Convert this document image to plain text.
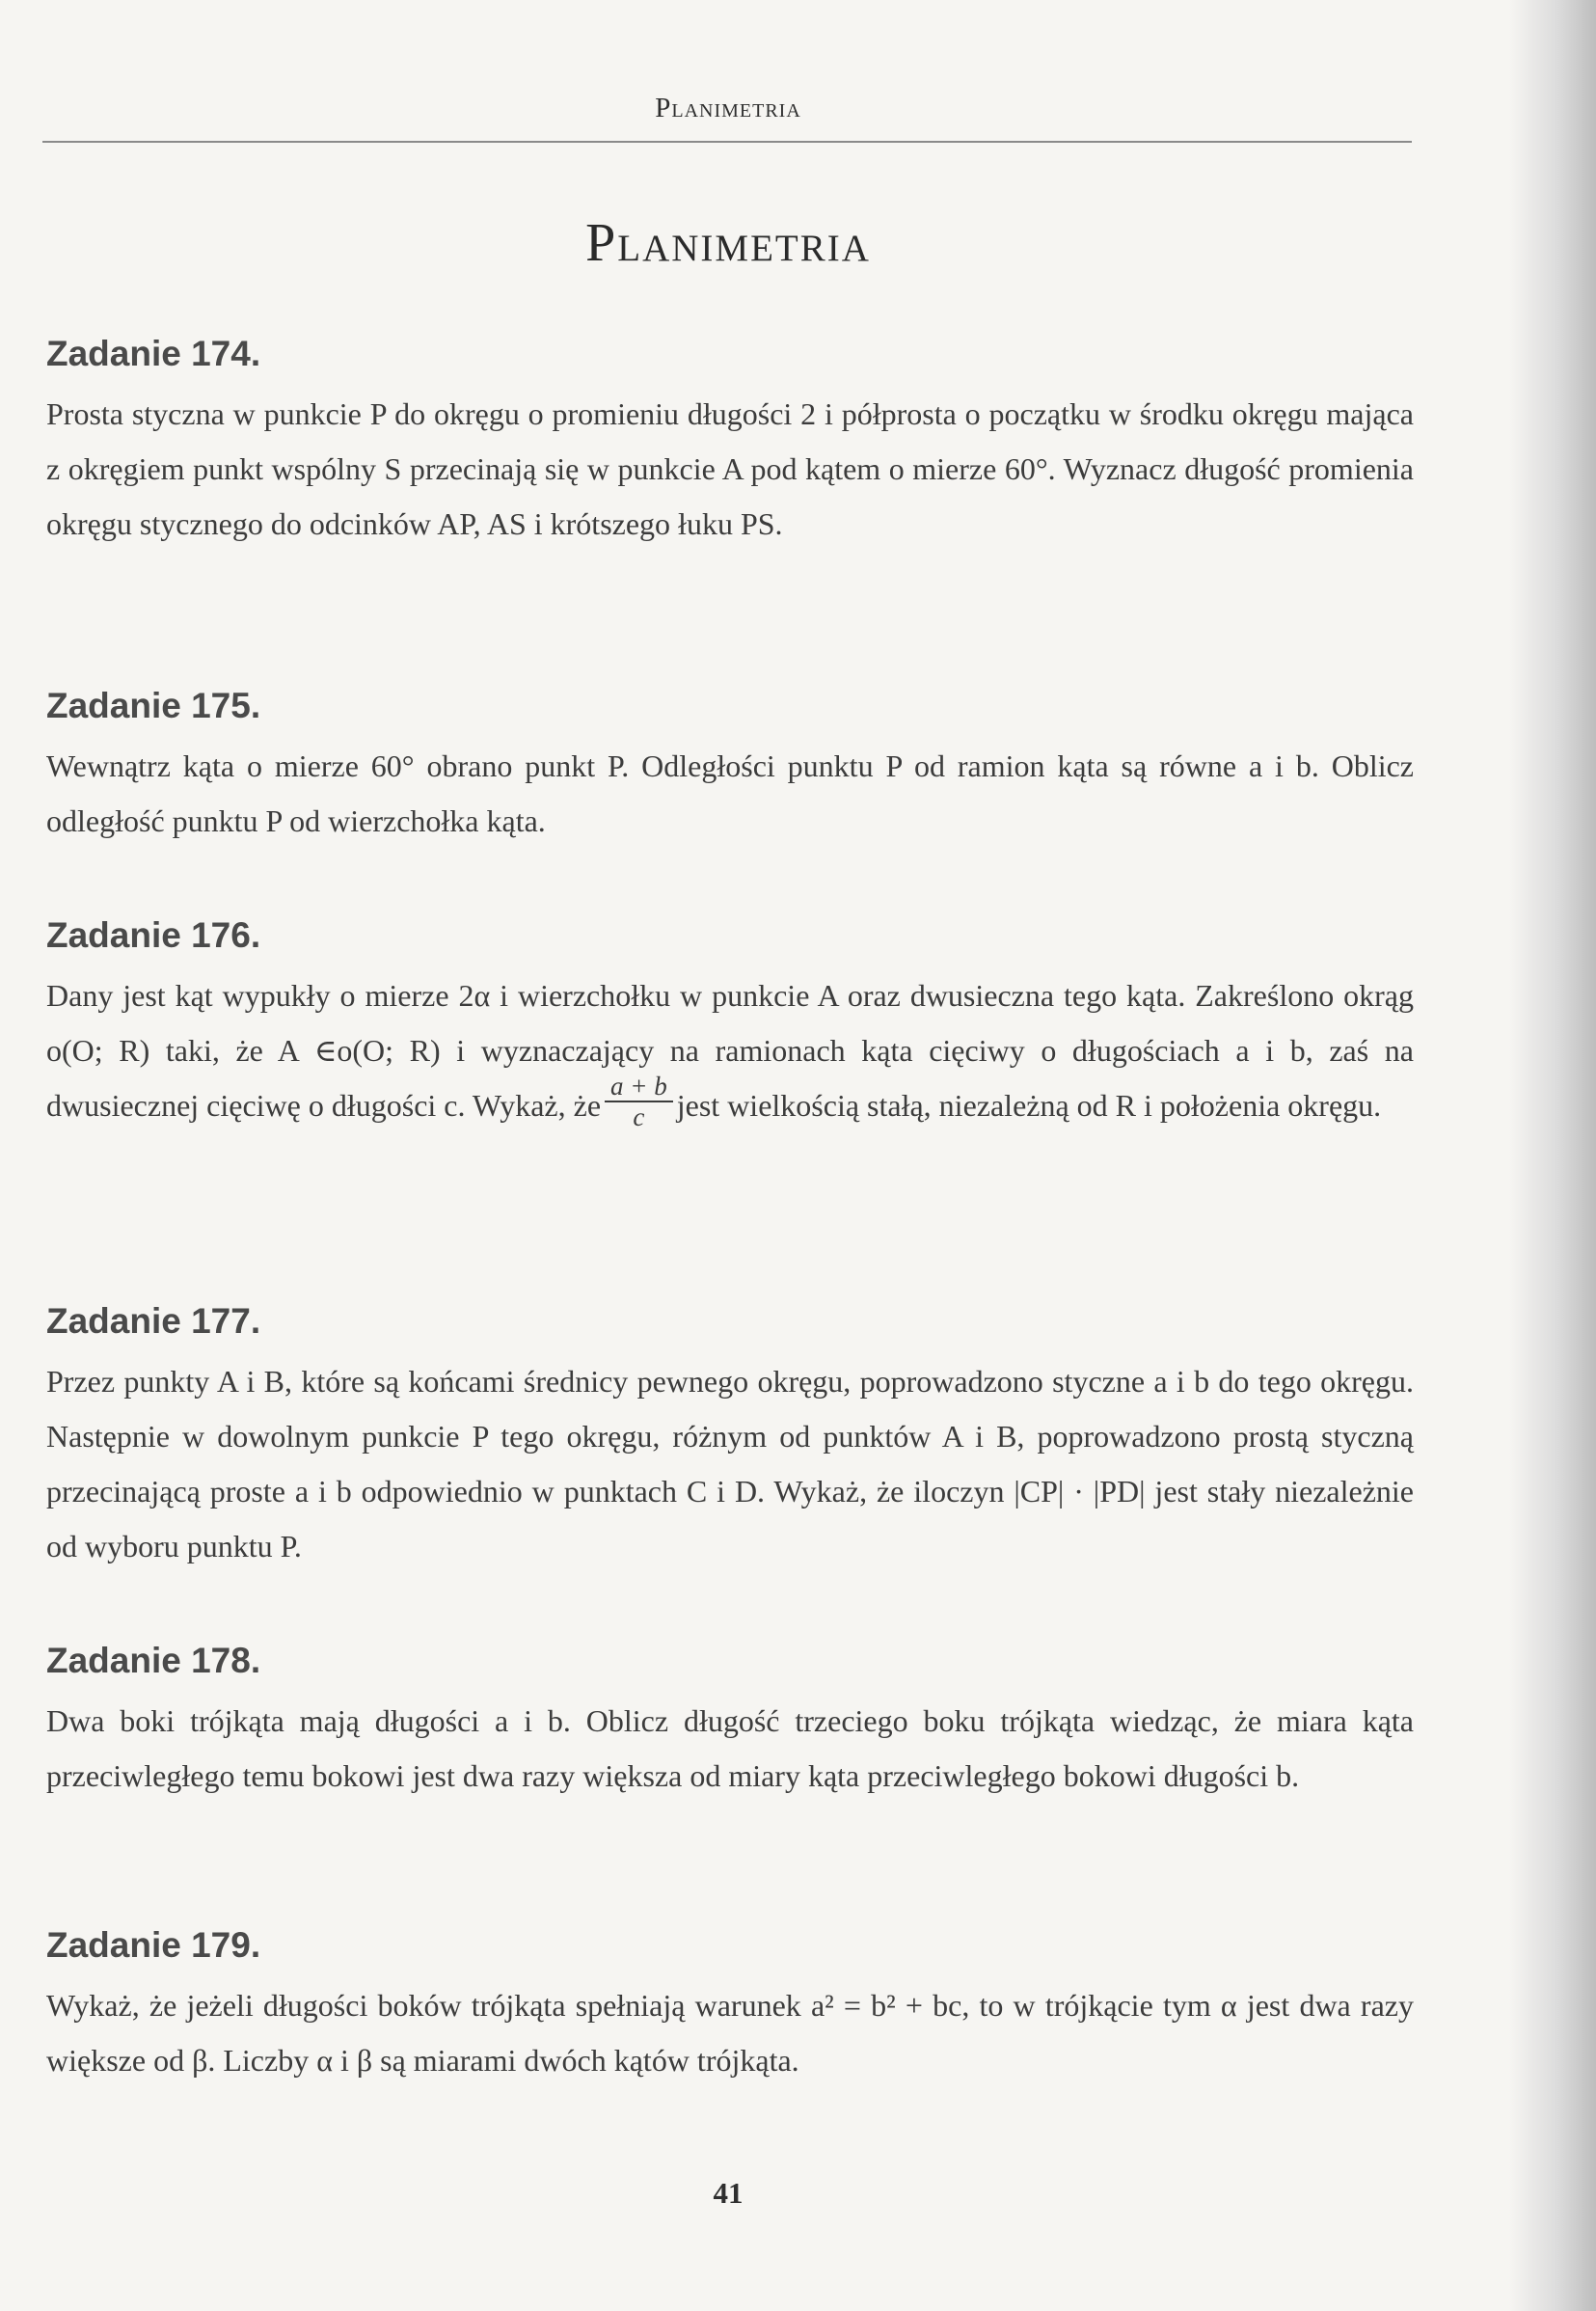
Planimetria
Planimetria
Zadanie 174.

Prosta styczna w punkcie P do okręgu o promieniu długości 2 i półprosta o początku w środku okręgu mająca z okręgiem punkt wspólny S przecinają się w punkcie A pod kątem o mierze 60°. Wyznacz długość promienia okręgu stycznego do odcinków AP, AS i krótszego łuku PS.

Zadanie 175.

Wewnątrz kąta o mierze 60° obrano punkt P. Odległości punktu P od ramion kąta są równe a i b. Oblicz odległość punktu P od wierzchołka kąta.

Zadanie 176.

Dany jest kąt wypukły o mierze 2α i wierzchołku w punkcie A oraz dwusieczna tego kąta. Zakreślono okrąg o(O; R) taki, że A ∈o(O; R) i wyznaczający na ramionach kąta cięciwy o długościach a i b, zaś na dwusiecznej cięciwę o długości c. Wykaż, że $\frac{a + b}{c}$ jest wielkością stałą, niezależną od R i położenia okręgu.

Zadanie 177.

Przez punkty A i B, które są końcami średnicy pewnego okręgu, poprowadzono styczne a i b do tego okręgu. Następnie w dowolnym punkcie P tego okręgu, różnym od punktów A i B, poprowadzono prostą styczną przecinającą proste a i b odpowiednio w punktach C i D. Wykaż, że iloczyn |CP| · |PD| jest stały niezależnie od wyboru punktu P.

Zadanie 178.

Dwa boki trójkąta mają długości a i b. Oblicz długość trzeciego boku trójkąta wiedząc, że miara kąta przeciwległego temu bokowi jest dwa razy większa od miary kąta przeciwległego bokowi długości b.

Zadanie 179.

Wykaż, że jeżeli długości boków trójkąta spełniają warunek a² = b² + bc, to w trójkącie tym α jest dwa razy większe od β. Liczby α i β są miarami dwóch kątów trójkąta.

41
